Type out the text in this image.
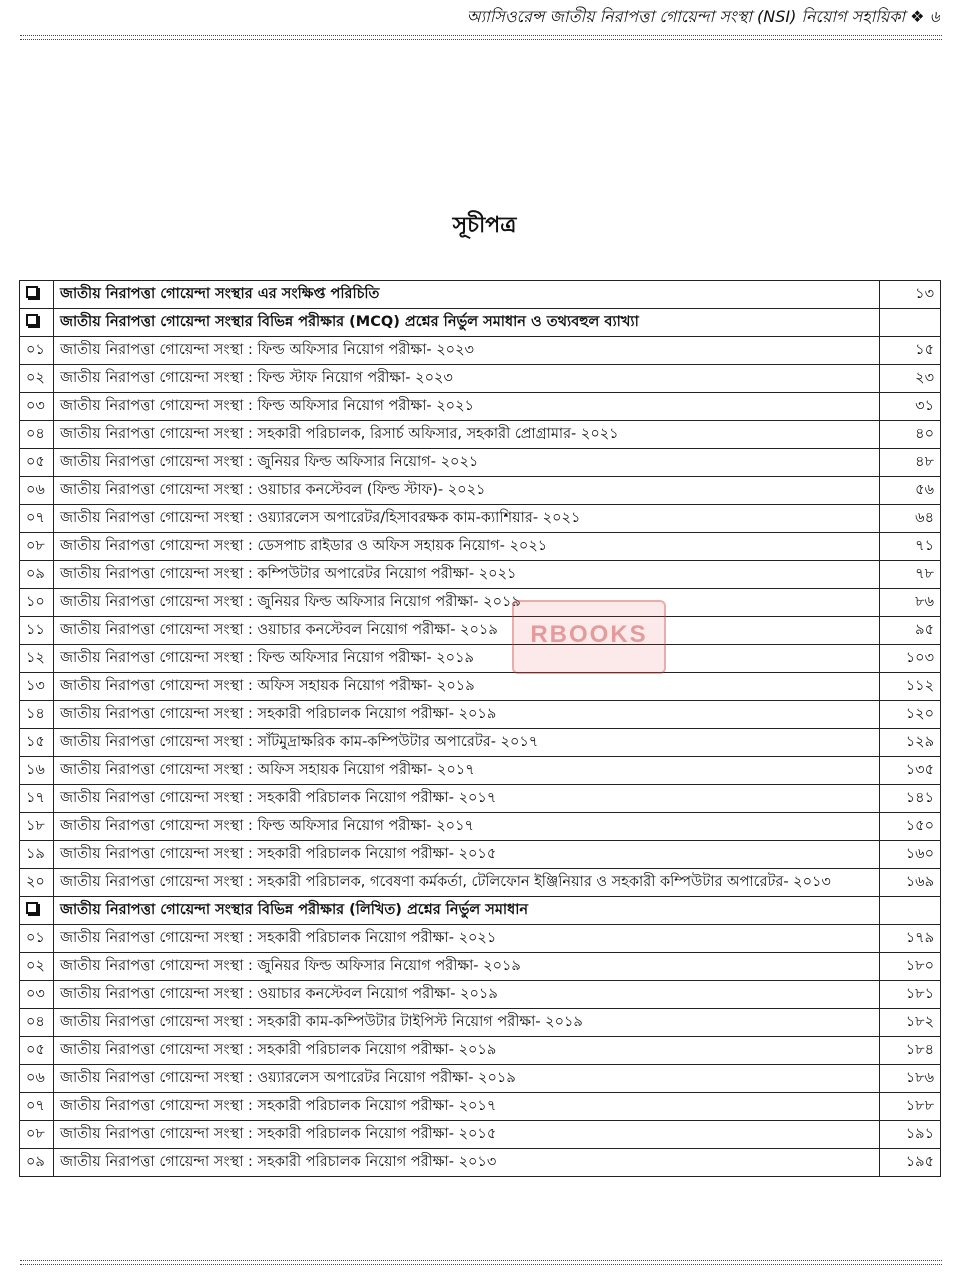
অ্যাসিওরেন্স জাতীয় নিরাপত্তা গোয়েন্দা সংস্থা (NSI) নিয়োগ সহায়িকা ❖ ৬
সূচীপত্র
	জাতীয় নিরাপত্তা গোয়েন্দা সংস্থার এর সংক্ষিপ্ত পরিচিতি	১৩
	জাতীয় নিরাপত্তা গোয়েন্দা সংস্থার বিভিন্ন পরীক্ষার (MCQ) প্রশ্নের নির্ভুল সমাধান ও তথ্যবহুল ব্যাখ্যা	
০১	জাতীয় নিরাপত্তা গোয়েন্দা সংস্থা : ফিল্ড অফিসার নিয়োগ পরীক্ষা- ২০২৩	১৫
০২	জাতীয় নিরাপত্তা গোয়েন্দা সংস্থা : ফিল্ড স্টাফ নিয়োগ পরীক্ষা- ২০২৩	২৩
০৩	জাতীয় নিরাপত্তা গোয়েন্দা সংস্থা : ফিল্ড অফিসার নিয়োগ পরীক্ষা- ২০২১	৩১
০৪	জাতীয় নিরাপত্তা গোয়েন্দা সংস্থা : সহকারী পরিচালক, রিসার্চ অফিসার, সহকারী প্রোগ্রামার- ২০২১	৪০
০৫	জাতীয় নিরাপত্তা গোয়েন্দা সংস্থা : জুনিয়র ফিল্ড অফিসার নিয়োগ- ২০২১	৪৮
০৬	জাতীয় নিরাপত্তা গোয়েন্দা সংস্থা : ওয়াচার কনস্টেবল (ফিল্ড স্টাফ)- ২০২১	৫৬
০৭	জাতীয় নিরাপত্তা গোয়েন্দা সংস্থা : ওয়্যারলেস অপারেটর/হিসাবরক্ষক কাম-ক্যাশিয়ার- ২০২১	৬৪
০৮	জাতীয় নিরাপত্তা গোয়েন্দা সংস্থা : ডেসপাচ রাইডার ও অফিস সহায়ক নিয়োগ- ২০২১	৭১
০৯	জাতীয় নিরাপত্তা গোয়েন্দা সংস্থা : কম্পিউটার অপারেটর নিয়োগ পরীক্ষা- ২০২১	৭৮
১০	জাতীয় নিরাপত্তা গোয়েন্দা সংস্থা : জুনিয়র ফিল্ড অফিসার নিয়োগ পরীক্ষা- ২০১৯	৮৬
১১	জাতীয় নিরাপত্তা গোয়েন্দা সংস্থা : ওয়াচার কনস্টেবল নিয়োগ পরীক্ষা- ২০১৯	৯৫
১২	জাতীয় নিরাপত্তা গোয়েন্দা সংস্থা : ফিল্ড অফিসার নিয়োগ পরীক্ষা- ২০১৯	১০৩
১৩	জাতীয় নিরাপত্তা গোয়েন্দা সংস্থা : অফিস সহায়ক নিয়োগ পরীক্ষা- ২০১৯	১১২
১৪	জাতীয় নিরাপত্তা গোয়েন্দা সংস্থা : সহকারী পরিচালক নিয়োগ পরীক্ষা- ২০১৯	১২০
১৫	জাতীয় নিরাপত্তা গোয়েন্দা সংস্থা : সাঁটমুদ্রাক্ষরিক কাম-কম্পিউটার অপারেটর- ২০১৭	১২৯
১৬	জাতীয় নিরাপত্তা গোয়েন্দা সংস্থা : অফিস সহায়ক নিয়োগ পরীক্ষা- ২০১৭	১৩৫
১৭	জাতীয় নিরাপত্তা গোয়েন্দা সংস্থা : সহকারী পরিচালক নিয়োগ পরীক্ষা- ২০১৭	১৪১
১৮	জাতীয় নিরাপত্তা গোয়েন্দা সংস্থা : ফিল্ড অফিসার নিয়োগ পরীক্ষা- ২০১৭	১৫০
১৯	জাতীয় নিরাপত্তা গোয়েন্দা সংস্থা : সহকারী পরিচালক নিয়োগ পরীক্ষা- ২০১৫	১৬০
২০	জাতীয় নিরাপত্তা গোয়েন্দা সংস্থা : সহকারী পরিচালক, গবেষণা কর্মকর্তা, টেলিফোন ইঞ্জিনিয়ার ও সহকারী কম্পিউটার অপারেটর- ২০১৩	১৬৯
	জাতীয় নিরাপত্তা গোয়েন্দা সংস্থার বিভিন্ন পরীক্ষার (লিখিত) প্রশ্নের নির্ভুল সমাধান	
০১	জাতীয় নিরাপত্তা গোয়েন্দা সংস্থা : সহকারী পরিচালক নিয়োগ পরীক্ষা- ২০২১	১৭৯
০২	জাতীয় নিরাপত্তা গোয়েন্দা সংস্থা : জুনিয়র ফিল্ড অফিসার নিয়োগ পরীক্ষা- ২০১৯	১৮০
০৩	জাতীয় নিরাপত্তা গোয়েন্দা সংস্থা : ওয়াচার কনস্টেবল নিয়োগ পরীক্ষা- ২০১৯	১৮১
০৪	জাতীয় নিরাপত্তা গোয়েন্দা সংস্থা : সহকারী কাম-কম্পিউটার টাইপিস্ট নিয়োগ পরীক্ষা- ২০১৯	১৮২
০৫	জাতীয় নিরাপত্তা গোয়েন্দা সংস্থা : সহকারী পরিচালক নিয়োগ পরীক্ষা- ২০১৯	১৮৪
০৬	জাতীয় নিরাপত্তা গোয়েন্দা সংস্থা : ওয়্যারলেস অপারেটর নিয়োগ পরীক্ষা- ২০১৯	১৮৬
০৭	জাতীয় নিরাপত্তা গোয়েন্দা সংস্থা : সহকারী পরিচালক নিয়োগ পরীক্ষা- ২০১৭	১৮৮
০৮	জাতীয় নিরাপত্তা গোয়েন্দা সংস্থা : সহকারী পরিচালক নিয়োগ পরীক্ষা- ২০১৫	১৯১
০৯	জাতীয় নিরাপত্তা গোয়েন্দা সংস্থা : সহকারী পরিচালক নিয়োগ পরীক্ষা- ২০১৩	১৯৫
RBOOKS
